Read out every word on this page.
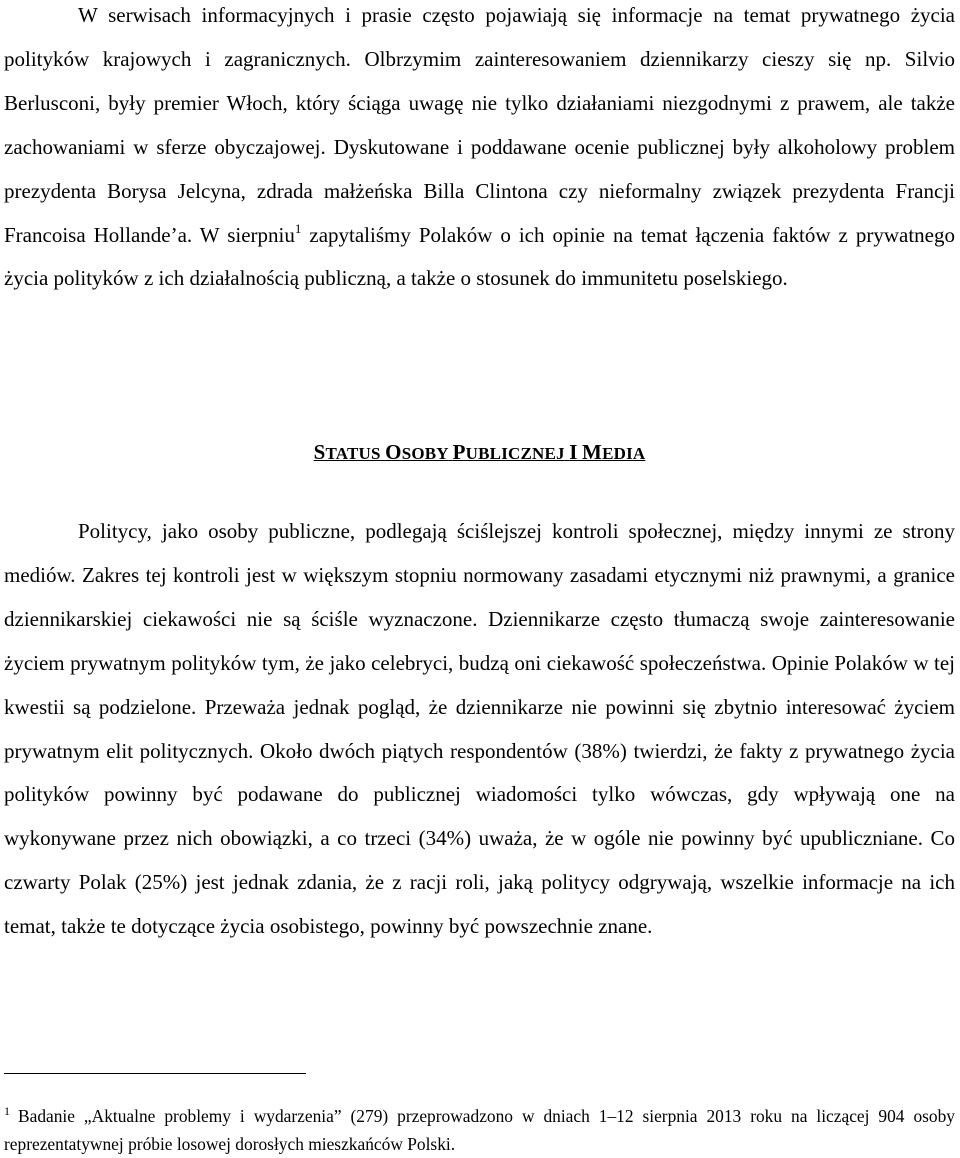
W serwisach informacyjnych i prasie często pojawiają się informacje na temat prywatnego życia polityków krajowych i zagranicznych. Olbrzymim zainteresowaniem dziennikarzy cieszy się np. Silvio Berlusconi, były premier Włoch, który ściąga uwagę nie tylko działaniami niezgodnymi z prawem, ale także zachowaniami w sferze obyczajowej. Dyskutowane i poddawane ocenie publicznej były alkoholowy problem prezydenta Borysa Jelcyna, zdrada małżeńska Billa Clintona czy nieformalny związek prezydenta Francji Francoisa Hollande’a. W sierpniu$^1$ zapytaliśmy Polaków o ich opinie na temat łączenia faktów z prywatnego życia polityków z ich działalnością publiczną, a także o stosunek do immunitetu poselskiego.

STATUS OSOBY PUBLICZNEJ I MEDIA

Politycy, jako osoby publiczne, podlegają ściślejszej kontroli społecznej, między innymi ze strony mediów. Zakres tej kontroli jest w większym stopniu normowany zasadami etycznymi niż prawnymi, a granice dziennikarskiej ciekawości nie są ściśle wyznaczone. Dziennikarze często tłumaczą swoje zainteresowanie życiem prywatnym polityków tym, że jako celebryci, budzą oni ciekawość społeczeństwa. Opinie Polaków w tej kwestii są podzielone. Przeważa jednak pogląd, że dziennikarze nie powinni się zbytnio interesować życiem prywatnym elit politycznych. Około dwóch piątych respondentów (38%) twierdzi, że fakty z prywatnego życia polityków powinny być podawane do publicznej wiadomości tylko wówczas, gdy wpływają one na wykonywane przez nich obowiązki, a co trzeci (34%) uważa, że w ogóle nie powinny być upubliczniane. Co czwarty Polak (25%) jest jednak zdania, że z racji roli, jaką politycy odgrywają, wszelkie informacje na ich temat, także te dotyczące życia osobistego, powinny być powszechnie znane.

$^1$ Badanie „Aktualne problemy i wydarzenia” (279) przeprowadzono w dniach 1–12 sierpnia 2013 roku na liczącej 904 osoby reprezentatywnej próbie losowej dorosłych mieszkańców Polski.
